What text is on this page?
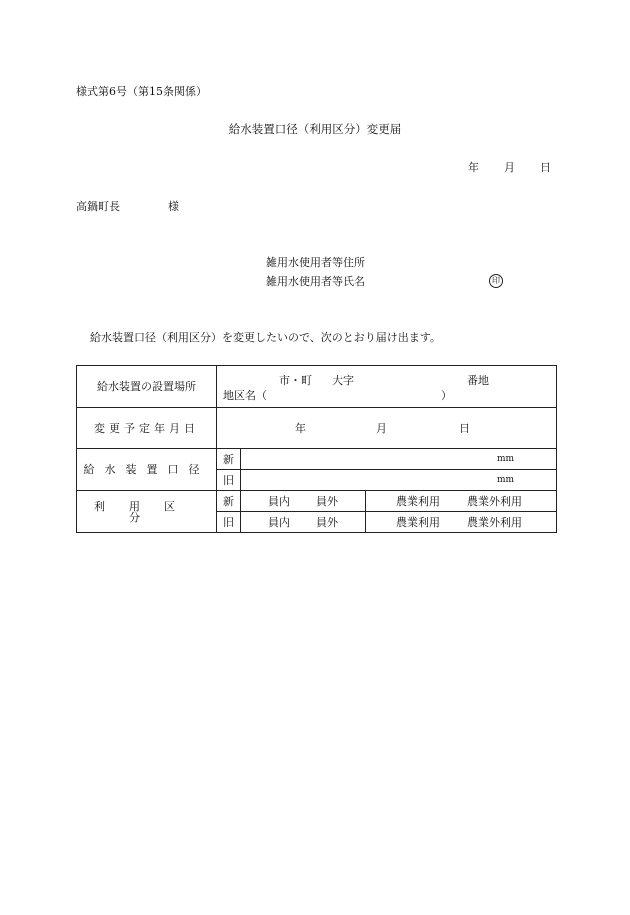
様式第6号（第15条関係）
給水装置口径（利用区分）変更届
年 月 日
高鍋町長	様
雑用水使用者等住所
雑用水使用者等氏名	印
給水装置口径（利用区分）を変更したいので、次のとおり届け出ます。
給水装置の設置場所	市・町 大字 番地
地区名（ ）		

変更予定年月日	年 月 日		

給水装置口径	新	mm	

	旧	mm	

利用区分	新	員内 員外	農業利用 農業外利用

	旧	員内 員外	農業利用 農業外利用
